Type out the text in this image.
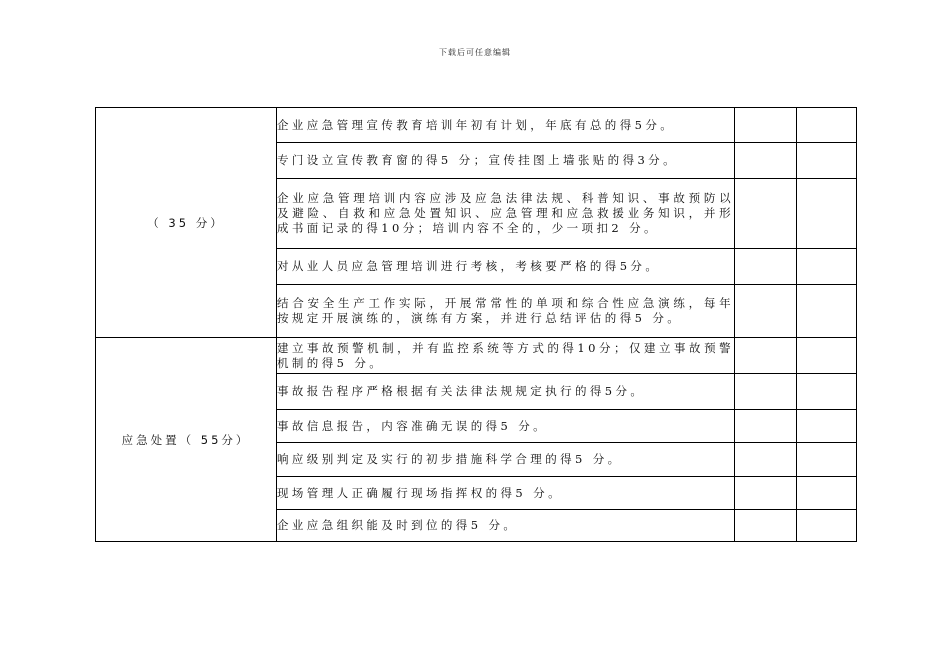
下载后可任意编辑
（ 35 分）	企业应急管理宣传教育培训年初有计划，年底有总的得5分。		
	专门设立宣传教育窗的得5 分；宣传挂图上墙张贴的得3分。		
	企业应急管理培训内容应涉及应急法律法规、科普知识、事故预防以及避险、自救和应急处置知识、应急管理和应急救援业务知识，并形成书面记录的得10分；培训内容不全的，少一项扣2 分。		
	对从业人员应急管理培训进行考核，考核要严格的得5分。		
	结合安全生产工作实际，开展常常性的单项和综合性应急演练，每年按规定开展演练的，演练有方案，并进行总结评估的得5 分。		
应急处置（ 55分）	建立事故预警机制，并有监控系统等方式的得10分；仅建立事故预警机制的得5 分。		
	事故报告程序严格根据有关法律法规规定执行的得5分。		
	事故信息报告，内容准确无误的得5 分。		
	响应级别判定及实行的初步措施科学合理的得5 分。		
	现场管理人正确履行现场指挥权的得5 分。		
	企业应急组织能及时到位的得5 分。		
